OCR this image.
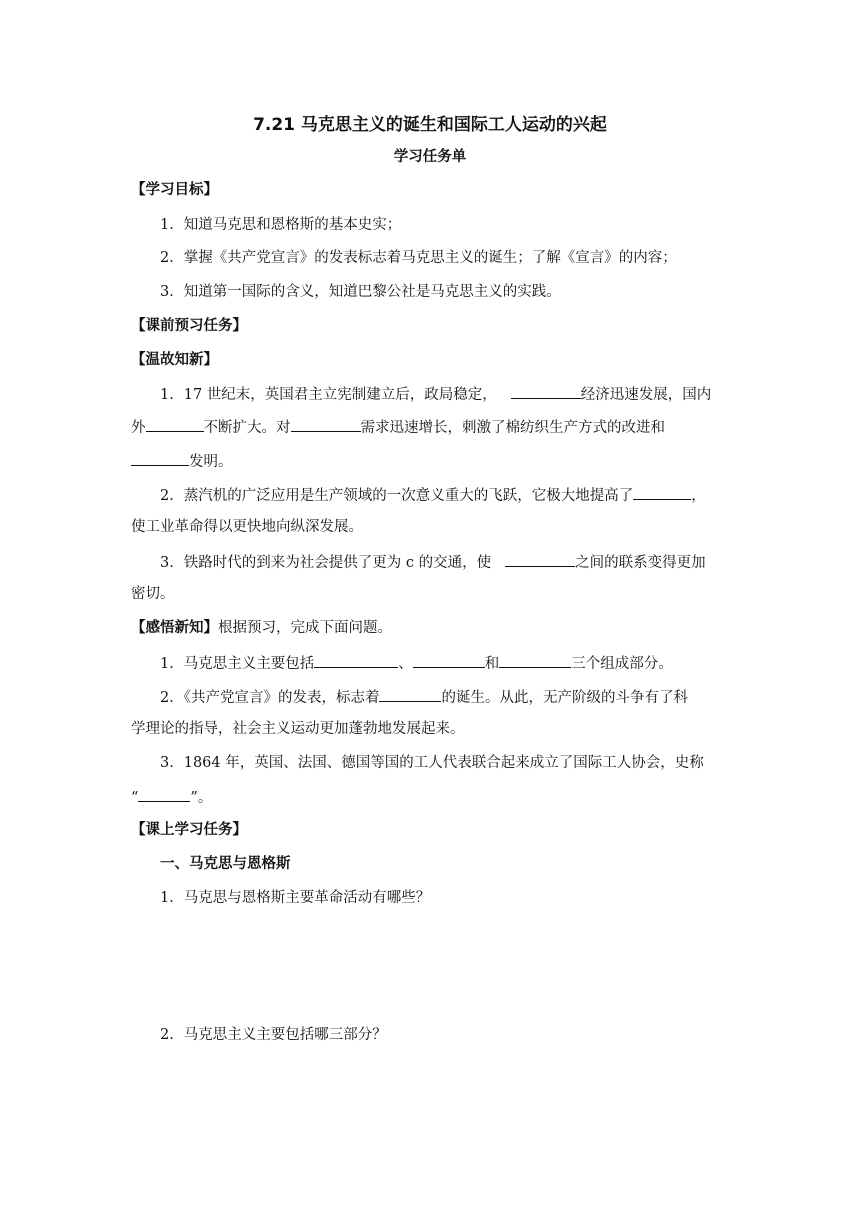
7.21 马克思主义的诞生和国际工人运动的兴起
学习任务单
【学习目标】
1．知道马克思和恩格斯的基本史实；
2．掌握《共产党宣言》的发表标志着马克思主义的诞生；了解《宣言》的内容；
3．知道第一国际的含义，知道巴黎公社是马克思主义的实践。
【课前预习任务】
【温故知新】
1．17 世纪末，英国君主立宪制建立后，政局稳定，	经济迅速发展，国内
外	不断扩大。对	需求迅速增长，刺激了棉纺织生产方式的改进和
发明。
2．蒸汽机的广泛应用是生产领域的一次意义重大的飞跃，它极大地提高了	，
使工业革命得以更快地向纵深发展。
3．铁路时代的到来为社会提供了更为 c 的交通，使	之间的联系变得更加
密切。
【感悟新知】根据预习，完成下面问题。
1．马克思主义主要包括	、	和	三个组成部分。
2．《共产党宣言》的发表，标志着	的诞生。从此，无产阶级的斗争有了科
学理论的指导，社会主义运动更加蓬勃地发展起来。
3．1864 年，英国、法国、德国等国的工人代表联合起来成立了国际工人协会，史称
“	”。
【课上学习任务】
一、马克思与恩格斯
1．马克思与恩格斯主要革命活动有哪些？
2．马克思主义主要包括哪三部分？
